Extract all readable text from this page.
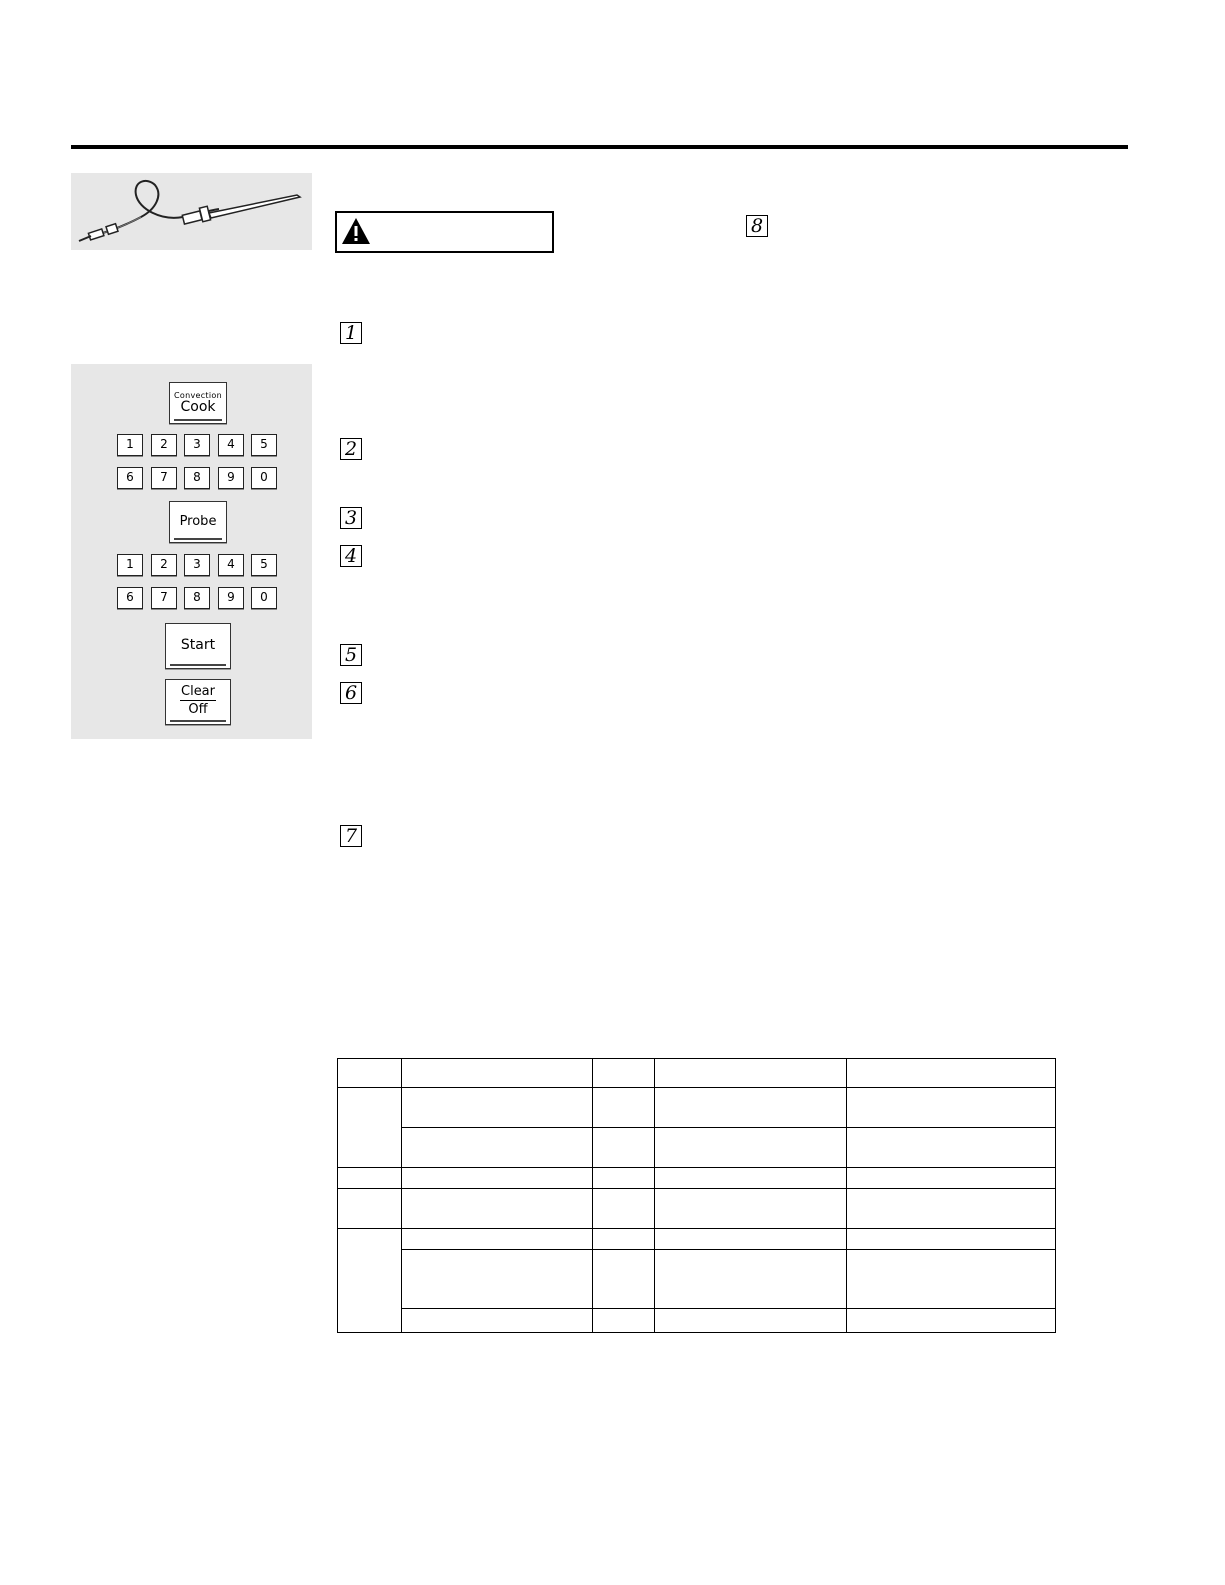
1
2
3
4
5
6
7
8
Convection
Cook
1	2	3	4	5
6	7	8	9	0
Probe
1	2	3	4	5
6	7	8	9	0
Start
Clear
Off
